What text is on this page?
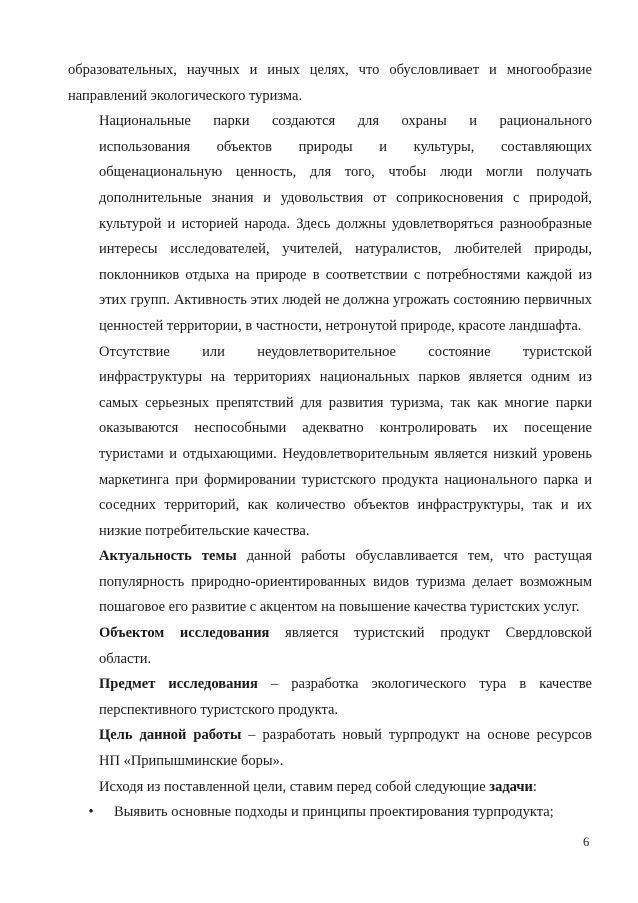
образовательных, научных и иных целях, что обусловливает и многообразие
направлений экологического туризма.
Национальные парки создаются для охраны и рационального
использования объектов природы и культуры, составляющих
общенациональную ценность, для того, чтобы люди могли получать
дополнительные знания и удовольствия от соприкосновения с природой,
культурой и историей народа. Здесь должны удовлетворяться разнообразные
интересы исследователей, учителей, натуралистов, любителей природы,
поклонников отдыха на природе в соответствии с потребностями каждой из
этих групп. Активность этих людей не должна угрожать состоянию первичных
ценностей территории, в частности, нетронутой природе, красоте ландшафта.
Отсутствие или неудовлетворительное состояние туристской
инфраструктуры на территориях национальных парков является одним из
самых серьезных препятствий для развития туризма, так как многие парки
оказываются неспособными адекватно контролировать их посещение
туристами и отдыхающими. Неудовлетворительным является низкий уровень
маркетинга при формировании туристского продукта национального парка и
соседних территорий, как количество объектов инфраструктуры, так и их
низкие потребительские качества.
Актуальность темы данной работы обуславливается тем, что растущая
популярность природно-ориентированных видов туризма делает возможным
пошаговое его развитие с акцентом на повышение качества туристских услуг.
Объектом исследования является туристский продукт Свердловской
области.
Предмет исследования – разработка экологического тура в качестве
перспективного туристского продукта.
Цель данной работы – разработать новый турпродукт на основе ресурсов
НП «Припышминские боры».
Исходя из поставленной цели, ставим перед собой следующие задачи:
•	Выявить основные подходы и принципы проектирования турпродукта;
6
